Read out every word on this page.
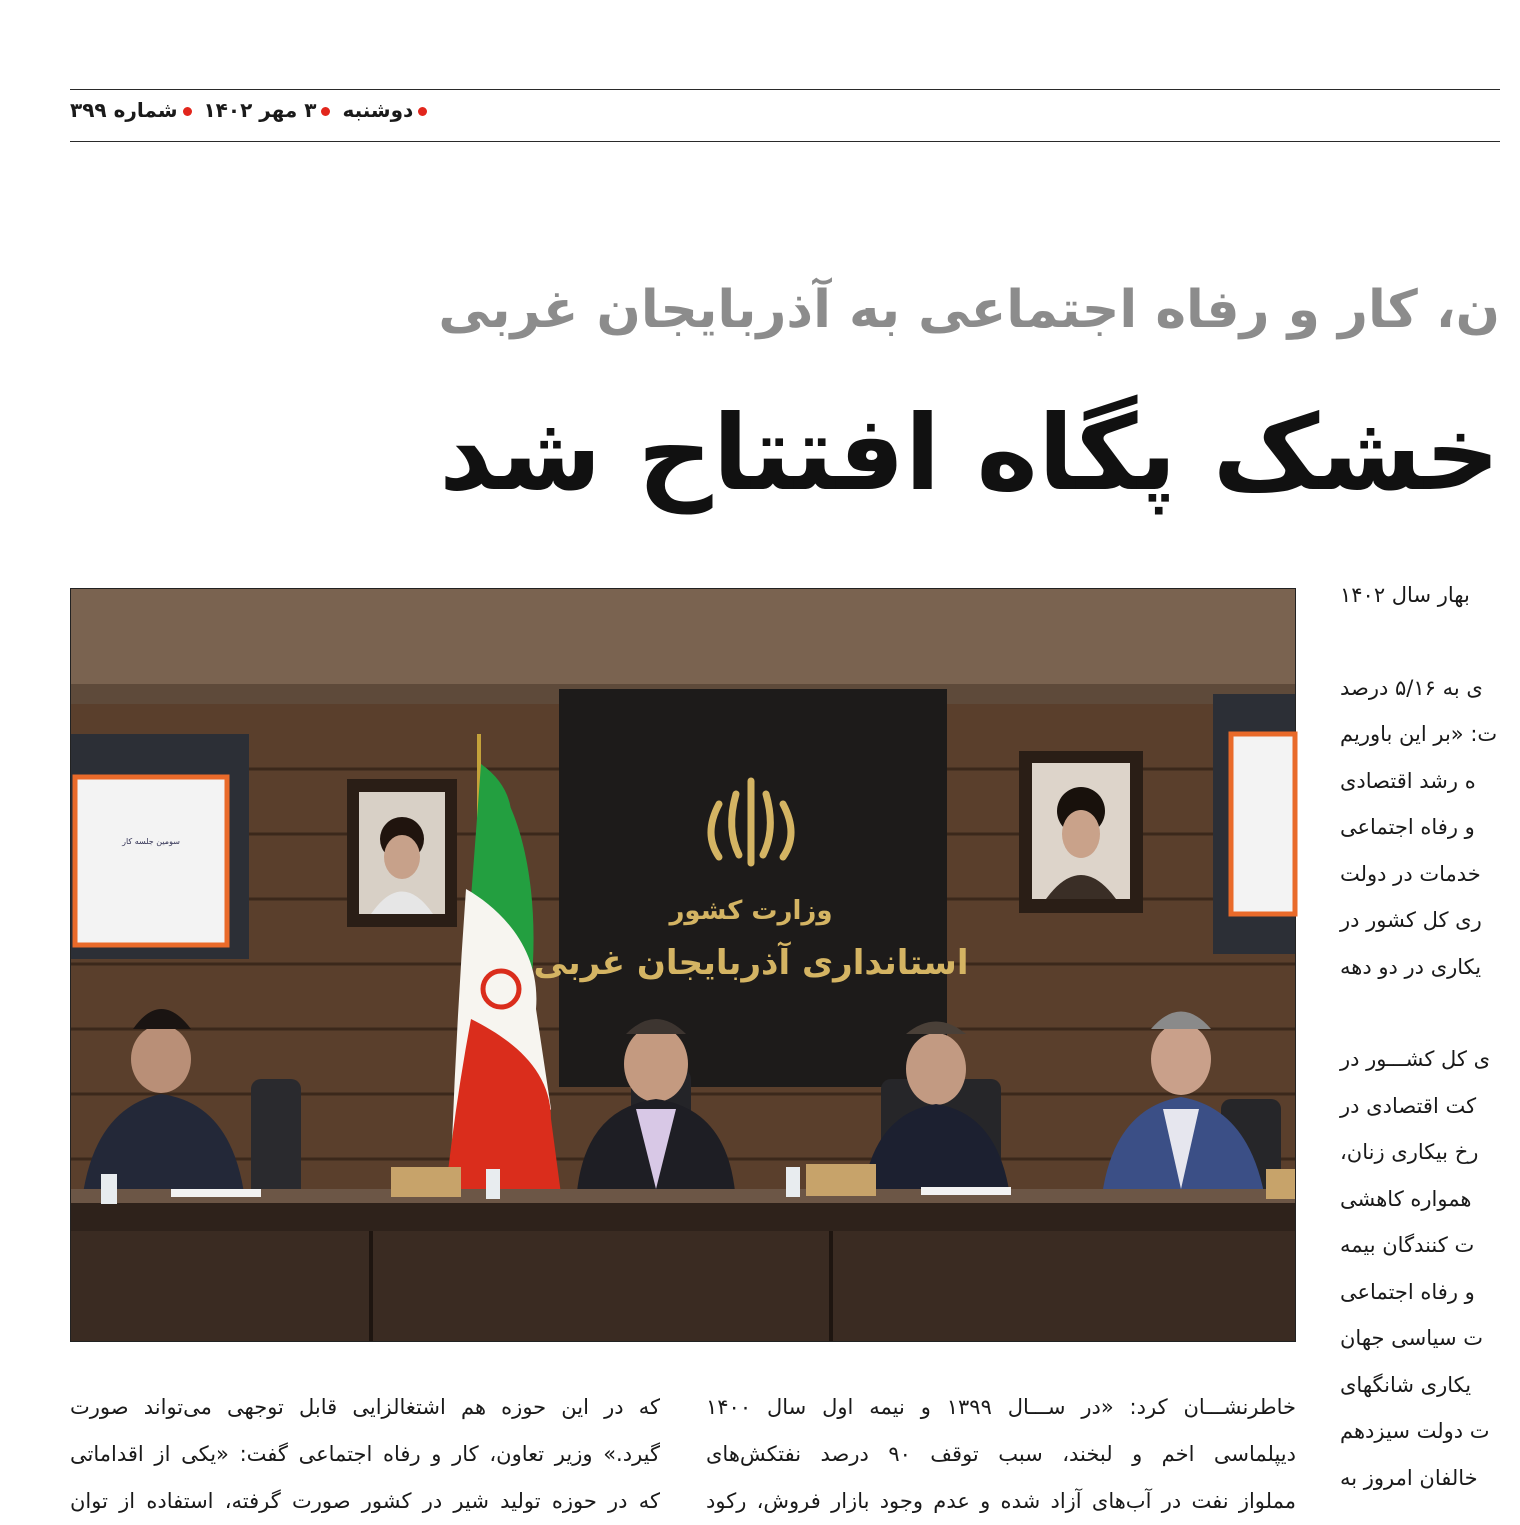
دوشنبه ۳ مهر ۱۴۰۲ شماره ۳۹۹
ن، کار و رفاه اجتماعی به آذربایجان غربی
خشک پگاه افتتاح شد
سومین جلسه کار
وزارت کشور
استانداری آذربایجان غربی
بهار سال ۱۴۰۲
ی به ۵/۱۶ درصد
ت: «بر این باوریم
ه رشد اقتصادی
و رفاه اجتماعی
خدمات در دولت
ری کل کشور در
یکاری در دو دهه
ی کل کشـــور در
کت اقتصادی در
رخ بیکاری زنان،
همواره کاهشی
ت کنندگان بیمه
و رفاه اجتماعی
ت سیاسی جهان
یکاری شانگهای
ت دولت سیزدهم
خالفان امروز به
خاطرنشـــان کرد: «در ســـال ۱۳۹۹ و نیمه اول سال ۱۴۰۰
دیپلماسی اخم و لبخند، سبب توقف ۹۰ درصد نفتکش‌های
مملواز نفت در آب‌های آزاد شده و عدم وجود بازار فروش، رکود
که در این حوزه هم اشتغالزایی قابل توجهی می‌تواند صورت
گیرد.» وزیر تعاون، کار و رفاه اجتماعی گفت: «یکی از اقداماتی
که در حوزه تولید شیر در کشور صورت گرفته، استفاده از توان
